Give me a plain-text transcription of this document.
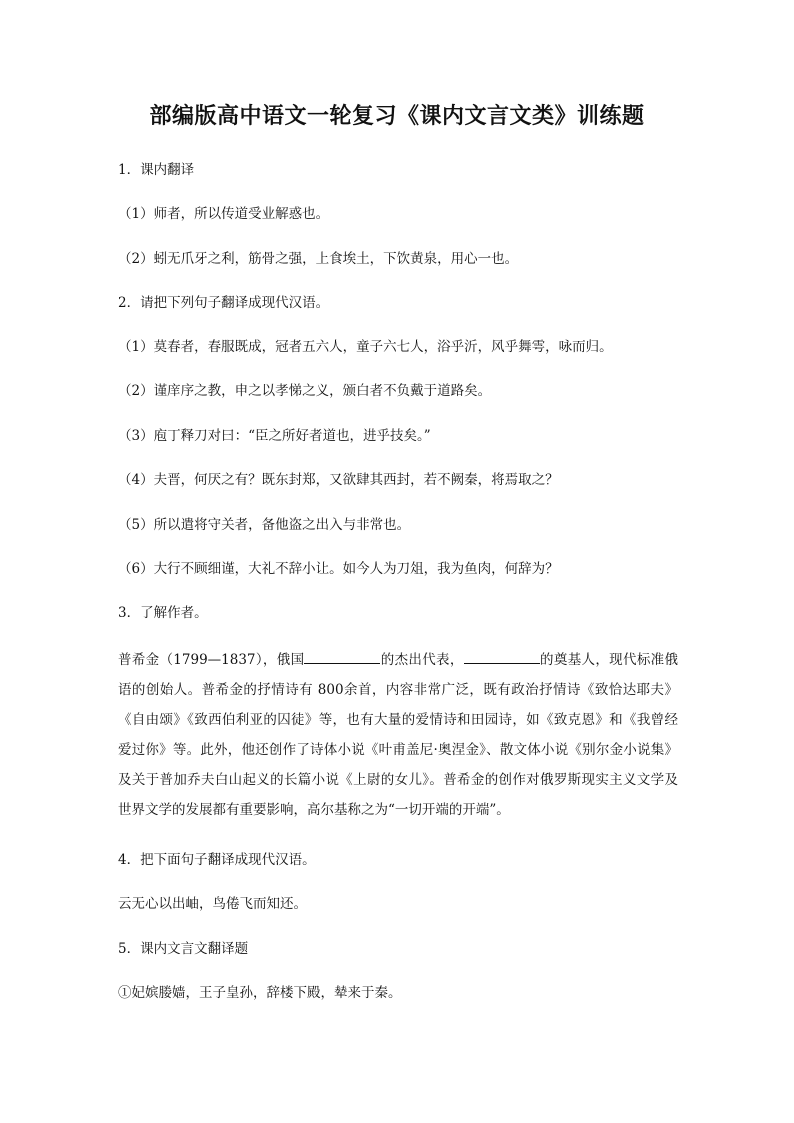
部编版高中语文一轮复习《课内文言文类》训练题
1．课内翻译
（1）师者，所以传道受业解惑也。
（2）蚓无爪牙之利，筋骨之强，上食埃土，下饮黄泉，用心一也。
2．请把下列句子翻译成现代汉语。
（1）莫春者，春服既成，冠者五六人，童子六七人，浴乎沂，风乎舞雩，咏而归。
（2）谨庠序之教，申之以孝悌之义，颁白者不负戴于道路矣。
（3）庖丁释刀对曰：“臣之所好者道也，进乎技矣。”
（4）夫晋，何厌之有？既东封郑，又欲肆其西封，若不阙秦，将焉取之？
（5）所以遣将守关者，备他盗之出入与非常也。
（6）大行不顾细谨，大礼不辞小让。如今人为刀俎，我为鱼肉，何辞为？
3．了解作者。
普希金（1799—1837），俄国	的杰出代表，	的奠基人，现代标准俄语的创始人。普希金的抒情诗有 800余首，内容非常广泛，既有政治抒情诗《致恰达耶夫》《自由颂》《致西伯利亚的囚徒》等，也有大量的爱情诗和田园诗，如《致克恩》和《我曾经爱过你》等。此外，他还创作了诗体小说《叶甫盖尼·奥涅金》、散文体小说《别尔金小说集》及关于普加乔夫白山起义的长篇小说《上尉的女儿》。普希金的创作对俄罗斯现实主义文学及世界文学的发展都有重要影响，高尔基称之为“一切开端的开端”。
4．把下面句子翻译成现代汉语。
云无心以出岫，鸟倦飞而知还。
5．课内文言文翻译题
①妃嫔媵嫱，王子皇孙，辞楼下殿，辇来于秦。
